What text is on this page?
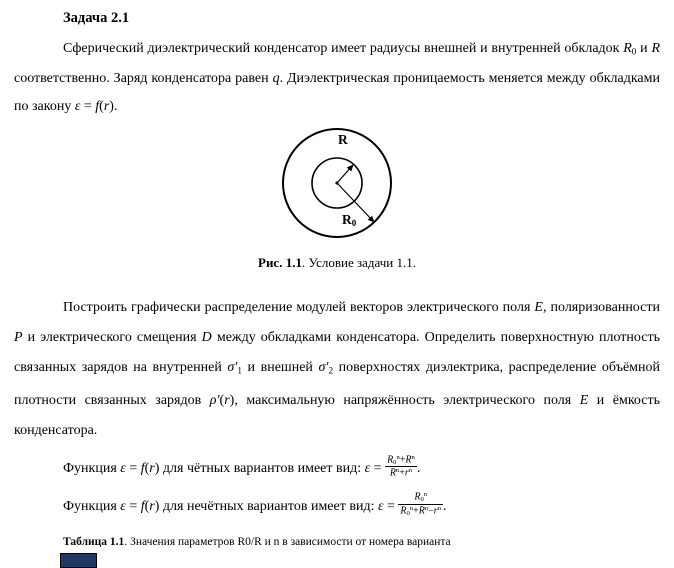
Задача 2.1

Сферический диэлектрический конденсатор имеет радиусы внешней и внутренней обкладок R0 и R соответственно. Заряд конденсатора равен q. Диэлектрическая проницаемость меняется между обкладками по закону ε = f(r).

R
R0
Рис. 1.1. Условие задачи 1.1.

Построить графически распределение модулей векторов электрического поля E, поляризованности P и электрического смещения D между обкладками конденсатора. Определить поверхностную плотность связанных зарядов на внутренней σ′1 и внешней σ′2 поверхностях диэлектрика, распределение объёмной плотности связанных зарядов ρ′(r), максимальную напряжённость электрического поля E и ёмкость конденсатора.

Функция ε = f(r) для чётных вариантов имеет вид: $\varepsilon = \frac{R0^n+R^n}{R^n+r^n}$ .
Функция ε = f(r) для нечётных вариантов имеет вид: $\varepsilon = \frac{R0^n}{R0^n+R^n-r^n}$ .
Таблица 1.1. Значения параметров R0/R и n в зависимости от номера варианта
